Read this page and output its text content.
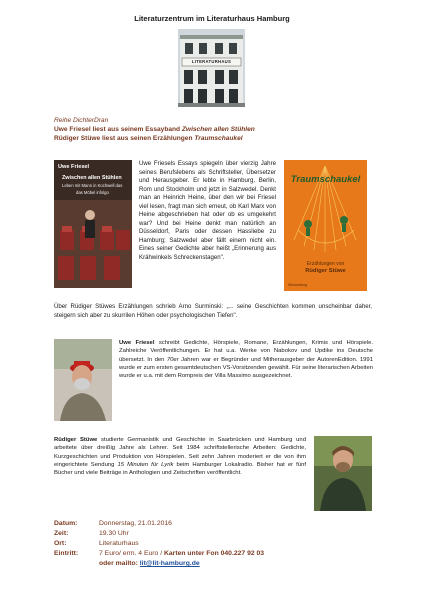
Literaturzentrum im Literaturhaus Hamburg
LITERATURHAUS
Reihe DichterDran
Uwe Friesel liest aus seinem Essayband Zwischen allen Stühlen
Rüdiger Stüwe liest aus seinen Erzählungen Traumschaukel
Uwe Friesel
Zwischen allen Stühlen
Leben mit Mann in Kochwell das
das Möbel infolgo
Uwe Friesels Essays spiegeln über vierzig Jahre seines Berufslebens als Schriftsteller, Übersetzer und Herausgeber. Er lebte in Hamburg, Berlin, Rom und Stockholm und jetzt in Salzwedel. Denkt man an Heinrich Heine, über den wir bei Friesel viel lesen, fragt man sich erneut, ob Karl Marx von Heine abgeschrieben hat oder ob es umgekehrt war? Und bei Heine denkt man natürlich an Düsseldorf, Paris oder dessen Hassliebe zu Hamburg; Salzwedel aber fällt einem nicht ein. Eines seiner Gedichte aber heißt „Erinnerung aus Krähwinkels Schreckenstagen".
Traumschaukel
Erzählungen von
Rüdiger Stüwe
Wiesenburg
Über Rüdiger Stüwes Erzählungen schrieb Arno Surminski: „... seine Geschichten kommen unscheinbar daher, steigern sich aber zu skurrilen Höhen oder psychologischen Tiefen".
Uwe Friesel schreibt Gedichte, Hörspiele, Romane, Erzählungen, Krimis und Hörspiele. Zahlreiche Veröffentlichungen. Er hat u.a. Werke von Nabokov und Updike ins Deutsche übersetzt. In den 70er Jahren war er Begründer und Mitherausgeber der AutorenEdition. 1991 wurde er zum ersten gesamtdeutschen VS-Vorsitzenden gewählt. Für seine literarischen Arbeiten wurde er u.a. mit dem Rompreis der Villa Massimo ausgezeichnet.
Rüdiger Stüwe studierte Germanistik und Geschichte in Saarbrücken und Hamburg und arbeitete über dreißig Jahre als Lehrer. Seit 1984 schriftstellerische Arbeiten: Gedichte, Kurzgeschichten und Produktion von Hörspielen. Seit zehn Jahren moderiert er die von ihm eingerichtete Sendung 15 Minuten für Lyrik beim Hamburger Lokalradio. Bisher hat er fünf Bücher und viele Beiträge in Anthologien und Zeitschriften veröffentlicht.
Datum:	Donnerstag, 21.01.2016
Zeit:	19.30 Uhr
Ort:	Literaturhaus
Eintritt:	7 Euro/ erm. 4 Euro / Karten unter Fon 040.227 92 03
oder mailto: lit@lit-hamburg.de
